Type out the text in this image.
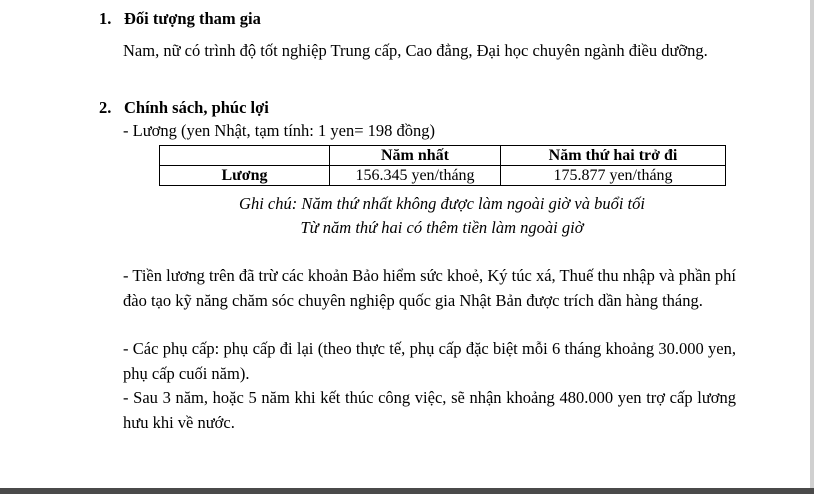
1. Đối tượng tham gia
Nam, nữ có trình độ tốt nghiệp Trung cấp, Cao đẳng, Đại học chuyên ngành điều dưỡng.
2. Chính sách, phúc lợi
- Lương (yen Nhật, tạm tính: 1 yen= 198 đồng)
	Năm nhất	Năm thứ hai trở đi
Lương	156.345 yen/tháng	175.877 yen/tháng
Ghi chú: Năm thứ nhất không được làm ngoài giờ và buổi tối
Từ năm thứ hai có thêm tiền làm ngoài giờ
- Tiền lương trên đã trừ các khoản Bảo hiểm sức khoẻ, Ký túc xá, Thuế thu nhập và phần phí đào tạo kỹ năng chăm sóc chuyên nghiệp quốc gia Nhật Bản được trích dần hàng tháng.
- Các phụ cấp: phụ cấp đi lại (theo thực tế, phụ cấp đặc biệt mỗi 6 tháng khoảng 30.000 yen, phụ cấp cuối năm).
- Sau 3 năm, hoặc 5 năm khi kết thúc công việc, sẽ nhận khoảng 480.000 yen trợ cấp lương hưu khi về nước.
